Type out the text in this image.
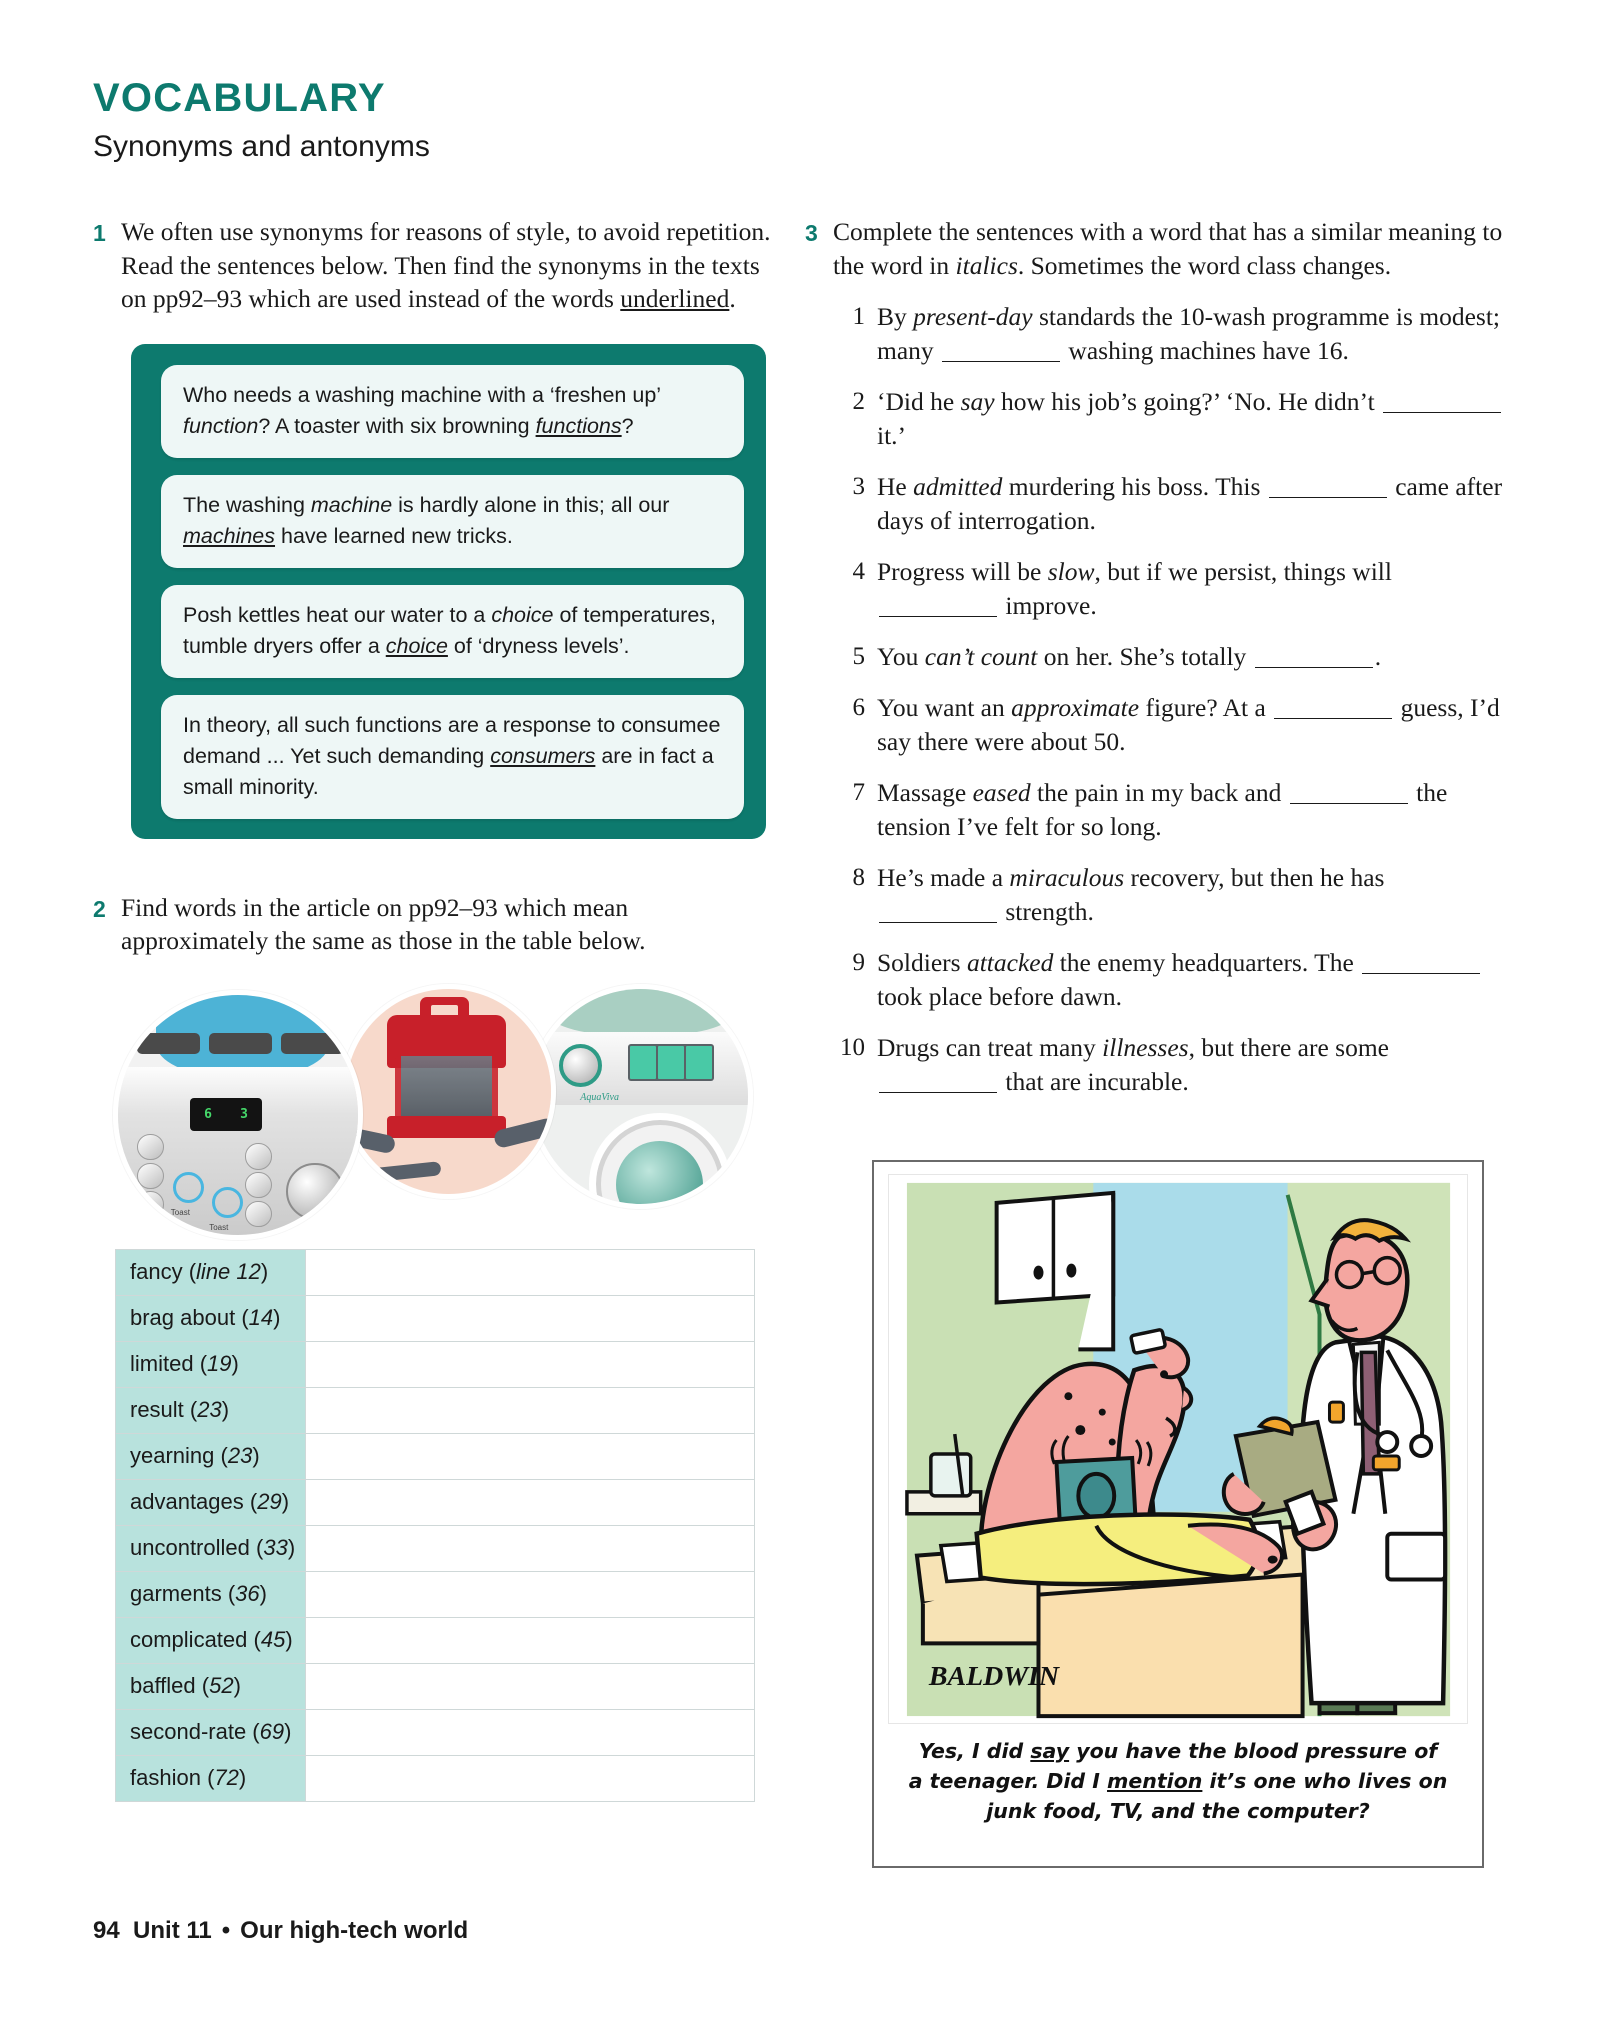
VOCABULARY
Synonyms and antonyms
1 We often use synonyms for reasons of style, to avoid repetition. Read the sentences below. Then find the synonyms in the texts on pp92–93 which are used instead of the words underlined.
Who needs a washing machine with a ‘freshen up’ function? A toaster with six browning functions?
The washing machine is hardly alone in this; all our machines have learned new tricks.
Posh kettles heat our water to a choice of temperatures, tumble dryers offer a choice of ‘dryness levels’.
In theory, all such functions are a response to consumee demand ... Yet such demanding consumers are in fact a small minority.
2 Find words in the article on pp92–93 which mean approximately the same as those in the table below.
6 3
Toast
Toast
AquaViva
fancy (line 12)	
brag about (14)	
limited (19)	
result (23)	
yearning (23)	
advantages (29)	
uncontrolled (33)	
garments (36)	
complicated (45)	
baffled (52)	
second-rate (69)	
fashion (72)	
3 Complete the sentences with a word that has a similar meaning to the word in italics. Sometimes the word class changes.
1 By present-day standards the 10-wash programme is modest; many	washing machines have 16.
2 ‘Did he say how his job’s going?’ ‘No. He didn’t  it.’
3 He admitted murdering his boss. This	came after days of interrogation.
4 Progress will be slow, but if we persist, things will  improve.
5 You can’t count on her. She’s totally	.
6 You want an approximate figure? At a	guess, I’d say there were about 50.
7 Massage eased the pain in my back and	the tension I’ve felt for so long.
8 He’s made a miraculous recovery, but then he has  strength.
9 Soldiers attacked the enemy headquarters. The  took place before dawn.
10 Drugs can treat many illnesses, but there are some  that are incurable.
BALDWIN
Yes, I did say you have the blood pressure of
a teenager. Did I mention it’s one who lives on
junk food, TV, and the computer?
94 Unit 11 • Our high-tech world
